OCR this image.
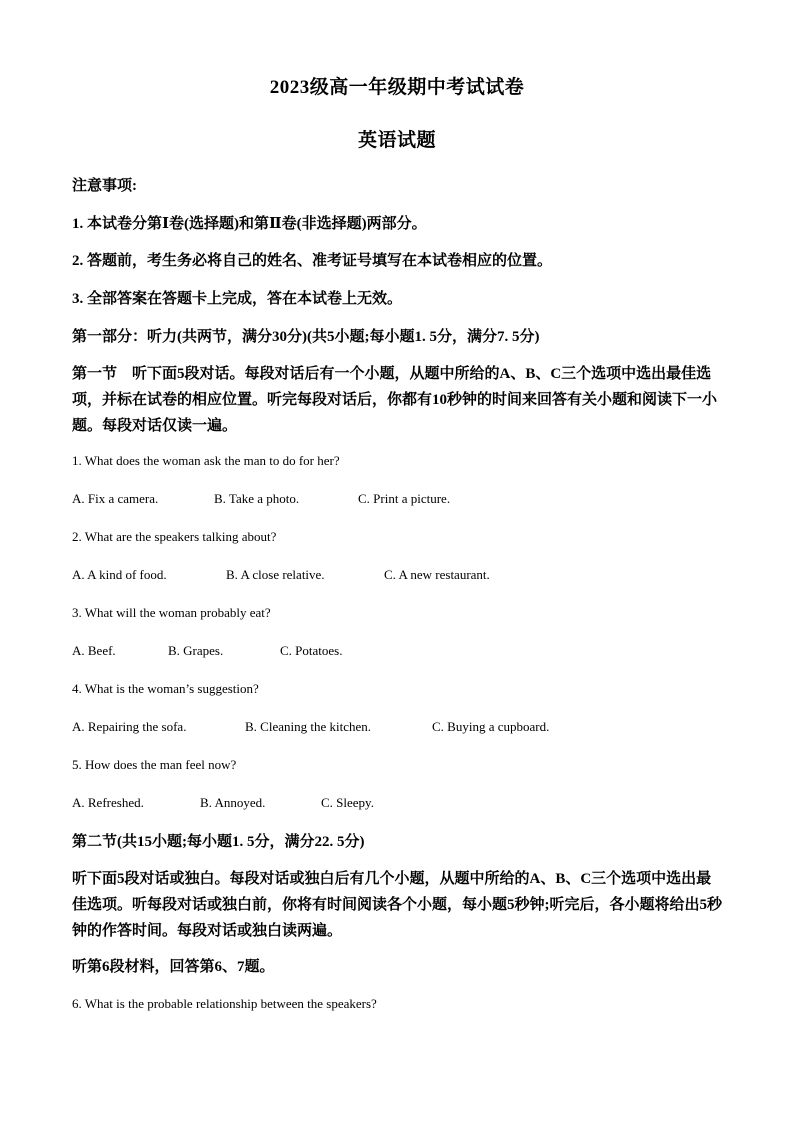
2023级高一年级期中考试试卷
英语试题
注意事项:
1. 本试卷分第Ⅰ卷(选择题)和第Ⅱ卷(非选择题)两部分。
2. 答题前，考生务必将自己的姓名、准考证号填写在本试卷相应的位置。
3. 全部答案在答题卡上完成，答在本试卷上无效。
第一部分：听力(共两节，满分30分)(共5小题;每小题1. 5分，满分7. 5分)
第一节　听下面5段对话。每段对话后有一个小题，从题中所给的A、B、C三个选项中选出最佳选项，并标在试卷的相应位置。听完每段对话后，你都有10秒钟的时间来回答有关小题和阅读下一小题。每段对话仅读一遍。
1. What does the woman ask the man to do for her?
A. Fix a camera.	B. Take a photo.	C. Print a picture.
2. What are the speakers talking about?
A. A kind of food.	B. A close relative.	C. A new restaurant.
3. What will the woman probably eat?
A. Beef.	B. Grapes.	C. Potatoes.
4. What is the woman’s suggestion?
A. Repairing the sofa.	B. Cleaning the kitchen.	C. Buying a cupboard.
5. How does the man feel now?
A. Refreshed.	B. Annoyed.	C. Sleepy.
第二节(共15小题;每小题1. 5分，满分22. 5分)
听下面5段对话或独白。每段对话或独白后有几个小题，从题中所给的A、B、C三个选项中选出最佳选项。听每段对话或独白前，你将有时间阅读各个小题，每小题5秒钟;听完后，各小题将给出5秒钟的作答时间。每段对话或独白读两遍。
听第6段材料，回答第6、7题。
6. What is the probable relationship between the speakers?
